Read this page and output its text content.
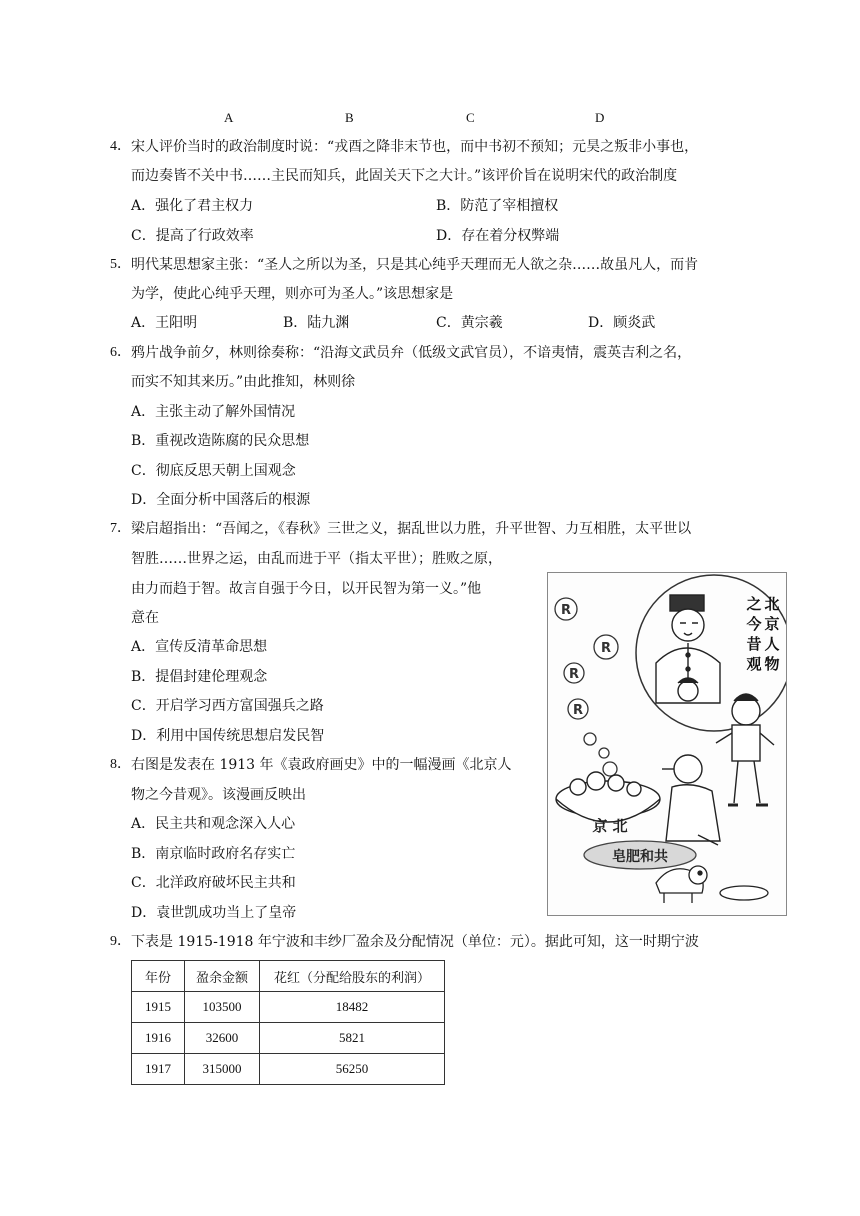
A	B	C	D
4． 宋人评价当时的政治制度时说：“戎酉之降非末节也，而中书初不预知；元昊之叛非小事也，
而边奏皆不关中书……主民而知兵，此固关天下之大计。”该评价旨在说明宋代的政治制度
A．强化了君主权力	B．防范了宰相擅权
C．提高了行政效率	D．存在着分权弊端
5． 明代某思想家主张：“圣人之所以为圣，只是其心纯乎天理而无人欲之杂……故虽凡人，而肯
为学，使此心纯乎天理，则亦可为圣人。”该思想家是
A．王阳明	B．陆九渊	C．黄宗羲	D．顾炎武
6． 鸦片战争前夕，林则徐奏称：“沿海文武员弁（低级文武官员），不谙夷情，震英吉利之名，
而实不知其来历。”由此推知，林则徐
A．主张主动了解外国情况
B．重视改造陈腐的民众思想
C．彻底反思天朝上国观念
D．全面分析中国落后的根源
7． 梁启超指出：“吾闻之，《春秋》三世之义，据乱世以力胜，升平世智、力互相胜，太平世以
智胜……世界之运，由乱而进于平（指太平世）；胜败之原，
由力而趋于智。故言自强于今日，以开民智为第一义。”他
意在
A．宣传反清革命思想
B．提倡封建伦理观念
C．开启学习西方富国强兵之路
D．利用中国传统思想启发民智
8． 右图是发表在 1913 年《袁政府画史》中的一幅漫画《北京人
物之今昔观》。该漫画反映出
A．民主共和观念深入人心
B．南京临时政府名存实亡
C．北洋政府破坏民主共和
D．袁世凯成功当上了皇帝
R
R
R
R
京 北
皂肥和共
北
京
人
物
之
今
昔
观
9． 下表是 1915-1918 年宁波和丰纱厂盈余及分配情况（单位：元）。据此可知，这一时期宁波
年份	盈余金额	花红（分配给股东的利润）
1915	103500	18482
1916	32600	5821
1917	315000	56250
